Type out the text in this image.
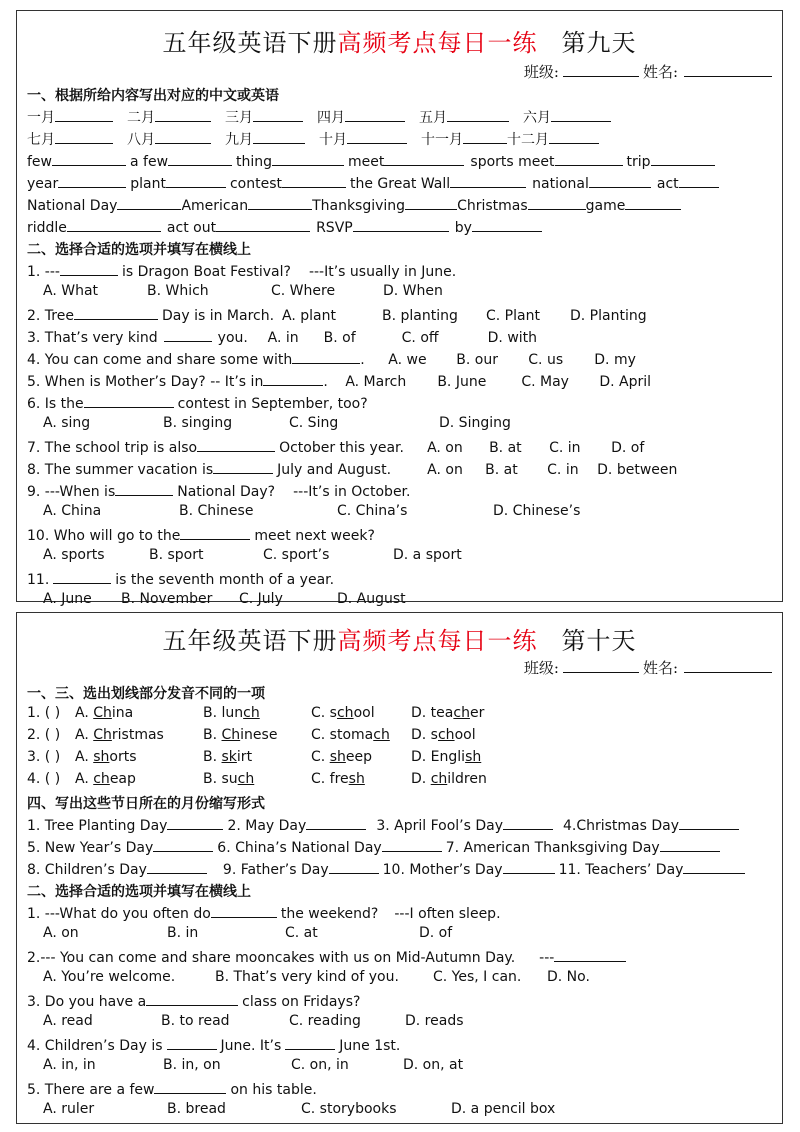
五年级英语下册高频考点每日一练 第九天
班级:	姓名:
一、根据所给内容写出对应的中文或英语
一月	二月	三月	四月	五月	六月
七月	八月	九月	十月	十一月	十二月
few	a few	thing	meet	sports meet	trip
year	plant	contest	the Great Wall	national	act
National Day	American	Thanksgiving	Christmas	game
riddle	act out	RSVP	by
二、选择合适的选项并填写在横线上
1. ---	is Dragon Boat Festival? ---It’s usually in June.
A. What	B. Which	C. Where	D. When
2. Tree	Day is in March. A. plant	B. planting C. Plant D. Planting
3. That’s very kind	you. A. in B. of	C. off	D. with
4. You can come and share some with	. A. we B. our C. us D. my
5. When is Mother’s Day? -- It’s in	. A. March B. June	C. May D. April
6. Is the	contest in September, too?
A. sing	B. singing	C. Sing	D. Singing
7. The school trip is also	October this year. A. on B. at C. in D. of
8. The summer vacation is	July and August.	A. on B. at C. in D. between
9. ---When is	National Day? ---It’s in October.
A. China	B. Chinese	C. China’s	D. Chinese’s
10. Who will go to the	meet next week?
A. sports	B. sport	C. sport’s	D. a sport
11.	is the seventh month of a year.
A. June B. November C. July	D. August
五年级英语下册高频考点每日一练 第十天
班级:	姓名:
一、三、选出划线部分发音不同的一项
1. ( ) A. China	B. lunch	C. school	D. teacher
2. ( ) A. Christmas	B. Chinese C. stomach D. school
3. ( ) A. shorts	B. skirt	C. sheep	D. English
4. ( ) A. cheap	B. such	C. fresh	D. children
四、写出这些节日所在的月份缩写形式
1. Tree Planting Day	2. May Day	3. April Fool’s Day	4.Christmas Day
5. New Year’s Day	6. China’s National Day	7. American Thanksgiving Day
8. Children’s Day	9. Father’s Day	10. Mother’s Day	11. Teachers’ Day
二、选择合适的选项并填写在横线上
1. ---What do you often do	the weekend? ---I often sleep.
A. on	B. in	C. at	D. of
2.--- You can come and share mooncakes with us on Mid-Autumn Day. ---
A. You’re welcome.	B. That’s very kind of you. C. Yes, I can. D. No.
3. Do you have a	class on Fridays?
A. read	B. to read	C. reading	D. reads
4. Children’s Day is	June. It’s	June 1st.
A. in, in	B. in, on	C. on, in	D. on, at
5. There are a few	on his table.
A. ruler	B. bread	C. storybooks	D. a pencil box
